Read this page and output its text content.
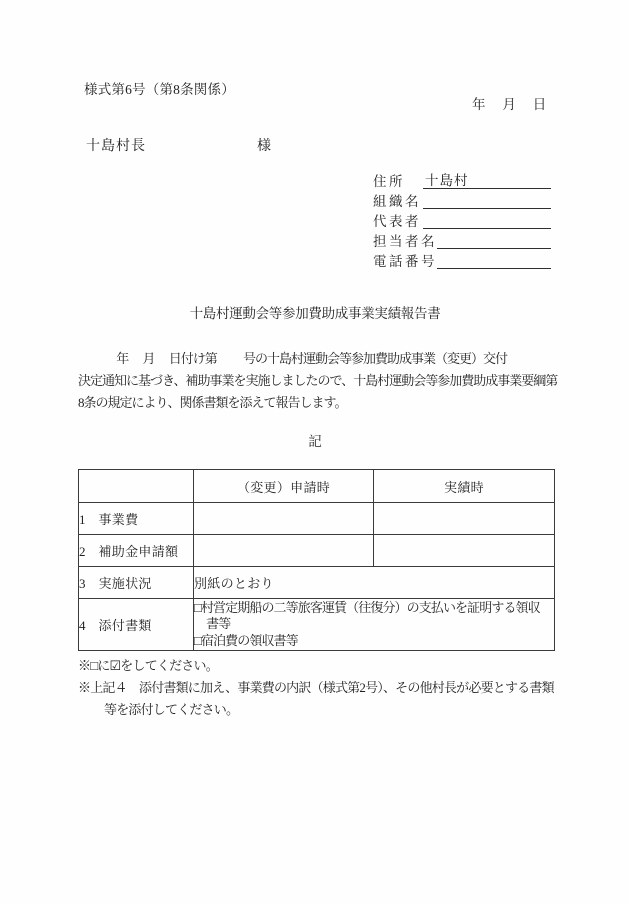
様式第6号（第8条関係）
年　 月　 日
十島村長	様
住所	十島村
組織名
代表者
担当者名
電話番号
十島村運動会等参加費助成事業実績報告書
　　　 年　 月　 日付け第　　 号の十島村運動会等参加費助成事業（変更）交付
決定通知に基づき、補助事業を実施しましたので、十島村運動会等参加費助成事業要綱第
8条の規定により、関係書類を添えて報告します。
記
	（変更）申請時	実績時
1 事業費		
2 補助金申請額		
3 実施状況	別紙のとおり	
4 添付書類	□村営定期船の二等旅客運賃（往復分）の支払いを証明する領収
　書等
□宿泊費の領収書等	
※□に☑をしてください。
※上記４　添付書類に加え、事業費の内訳（様式第2号）、その他村長が必要とする書類
等を添付してください。
